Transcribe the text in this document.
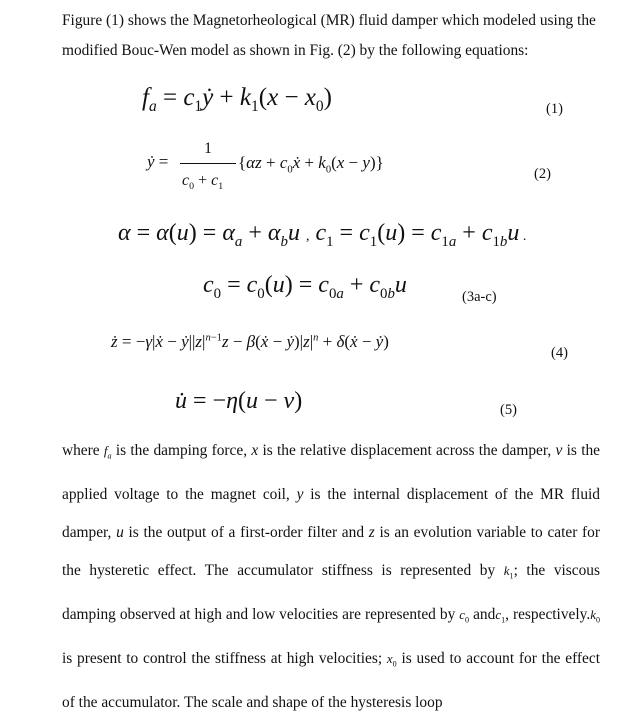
Figure (1) shows the Magnetorheological (MR) fluid damper which modeled using the modified Bouc-Wen model as shown in Fig. (2) by the following equations:
$f_a$ = $c_1ẏ + k_1(x - x_0)$	(1)
ẏ =
1
$c_0 + c_1$
$\{\alpha z + c_0ẋ + k_0(x - y)\}$
(2)
$\alpha = \alpha(u) = \alpha_a + \alpha_bu$ , $c_1 = c_1(u) = c_{1a} + c_{1b}u$ .
$c_0 = c_0(u) = c_{0a} + c_{0b}u$	(3a-c)
ż = −γ|ẋ − $ẏ||z|^{n-1}z$ − β(ẋ − $ẏ)|z|^n$ + δ(ẋ − ẏ)
(4)
u̇ = −η(u − v)	(5)
where $f_a$ is the damping force, x is the relative displacement across the damper, v is the applied voltage to the magnet coil, y is the internal displacement of the MR fluid damper, u is the output of a first-order filter and z is an evolution variable to cater for the hysteretic effect. The accumulator stiffness is represented by $k_1$; the viscous damping observed at high and low velocities are represented by $c_0$ andc$_1$, $respectively.k_0$ is present to control the stiffness at high velocities; $x_0$ is used to account for the effect of the accumulator. The scale and shape of the hysteresis loop
